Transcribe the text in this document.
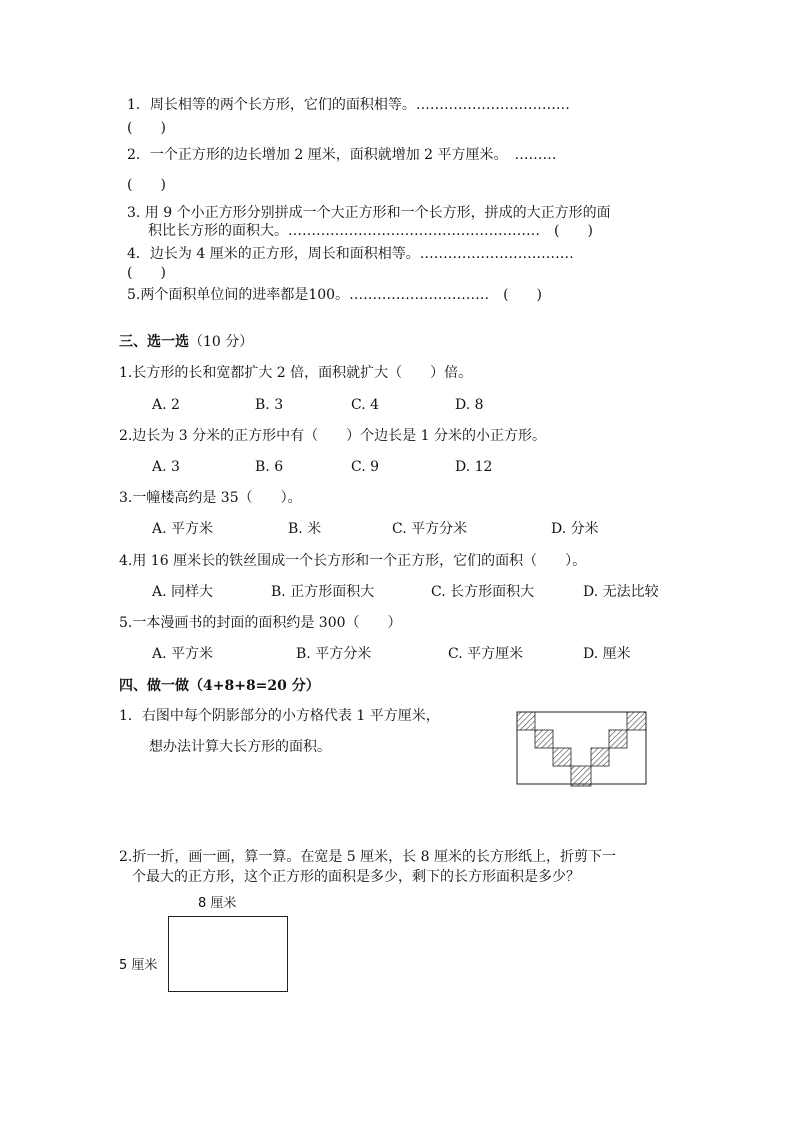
1．周长相等的两个长方形，它们的面积相等。……………………………
(　　)
2．一个正方形的边长增加 2 厘米，面积就增加 2 平方厘米。　………
(　　)
3. 用 9 个小正方形分别拼成一个大正方形和一个长方形，拼成的大正方形的面
积比长方形的面积大。………………………………………………　(　　)
4．边长为 4 厘米的正方形，周长和面积相等。……………………………
(　　)
5.两个面积单位间的进率都是100。…………………………　(　　)
三、选一选（10 分）
1.长方形的长和宽都扩大 2 倍，面积就扩大（　　）倍。
A. 2	B. 3	C. 4	D. 8
2.边长为 3 分米的正方形中有（　　）个边长是 1 分米的小正方形。
A. 3	B. 6	C. 9	D. 12
3.一幢楼高约是 35（　　）。
A. 平方米	B. 米	C. 平方分米	D. 分米
4.用 16 厘米长的铁丝围成一个长方形和一个正方形，它们的面积（　　）。
A. 同样大	B. 正方形面积大	C. 长方形面积大	D. 无法比较
5.一本漫画书的封面的面积约是 300（　　）
A. 平方米	B. 平方分米	C. 平方厘米	D. 厘米
四、做一做（4+8+8=20 分）
1．右图中每个阴影部分的小方格代表 1 平方厘米，
想办法计算大长方形的面积。
2.折一折，画一画，算一算。在宽是 5 厘米，长 8 厘米的长方形纸上，折剪下一
个最大的正方形，这个正方形的面积是多少，剩下的长方形面积是多少？
8 厘米
5 厘米
